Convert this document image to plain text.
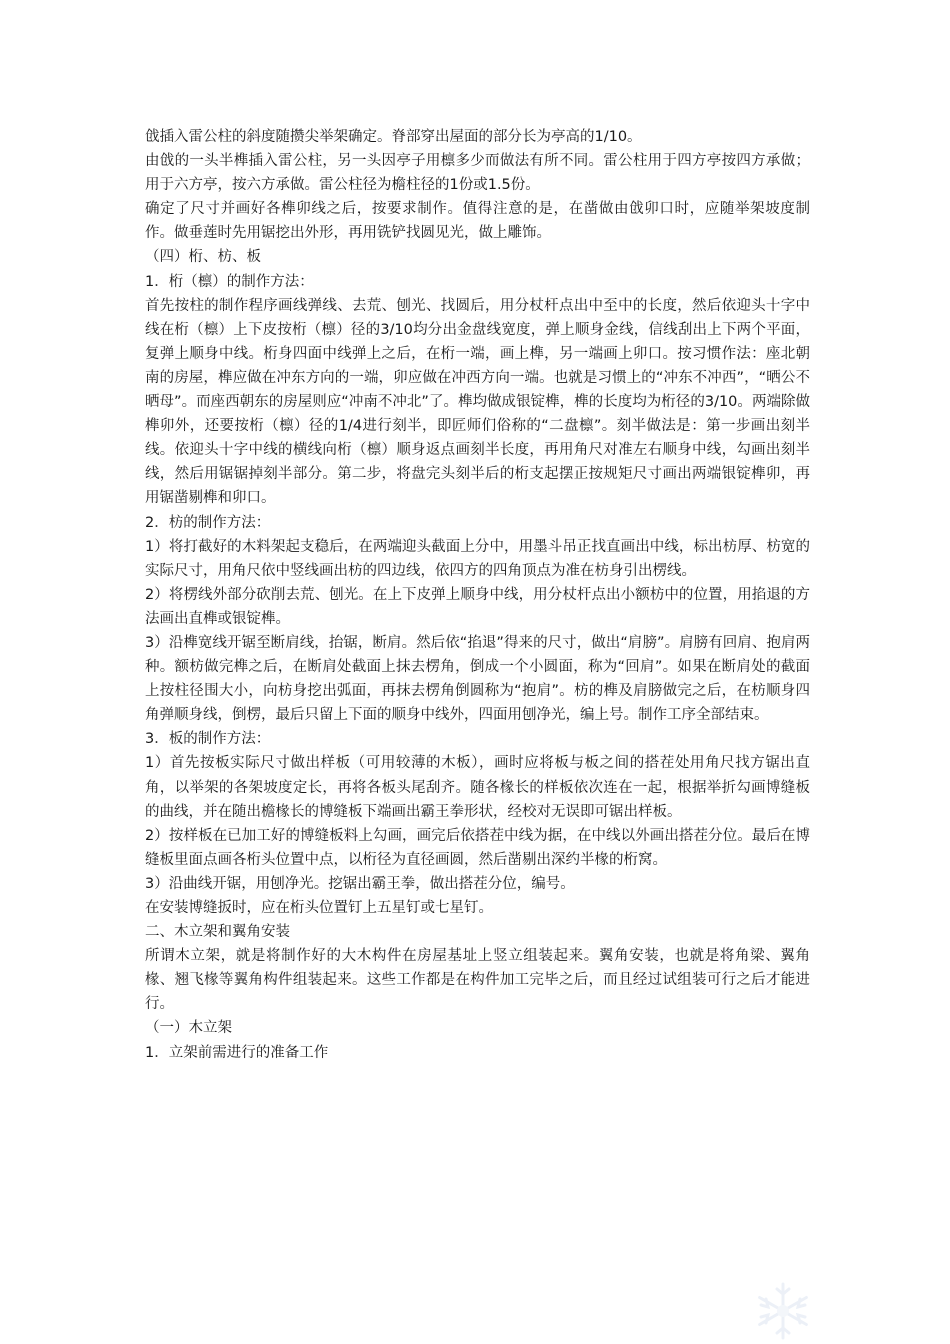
戗插入雷公柱的斜度随攒尖举架确定。脊部穿出屋面的部分长为亭高的1/10。

由戗的一头半榫插入雷公柱，另一头因亭子用檩多少而做法有所不同。雷公柱用于四方亭按四方承做；用于六方亭，按六方承做。雷公柱径为檐柱径的1份或1.5份。

确定了尺寸并画好各榫卯线之后，按要求制作。值得注意的是，在凿做由戗卯口时，应随举架坡度制作。做垂莲时先用锯挖出外形，再用铣铲找圆见光，做上雕饰。

（四）桁、枋、板

1．桁（檩）的制作方法：

首先按柱的制作程序画线弹线、去荒、刨光、找圆后，用分杖杆点出中至中的长度，然后依迎头十字中线在桁（檩）上下皮按桁（檩）径的3/10均分出金盘线宽度，弹上顺身金线，信线刮出上下两个平面，复弹上顺身中线。桁身四面中线弹上之后，在桁一端，画上榫，另一端画上卯口。按习惯作法：座北朝南的房屋，榫应做在冲东方向的一端，卯应做在冲西方向一端。也就是习惯上的“冲东不冲西”，“晒公不晒母”。而座西朝东的房屋则应“冲南不冲北”了。榫均做成银锭榫，榫的长度均为桁径的3/10。两端除做榫卯外，还要按桁（檩）径的1/4进行刻半，即匠师们俗称的“二盘檩”。刻半做法是：第一步画出刻半线。依迎头十字中线的横线向桁（檩）顺身返点画刻半长度，再用角尺对准左右顺身中线，勾画出刻半线，然后用锯锯掉刻半部分。第二步，将盘完头刻半后的桁支起摆正按规矩尺寸画出两端银锭榫卯，再用锯凿剔榫和卯口。

2．枋的制作方法：

1）将打截好的木料架起支稳后，在两端迎头截面上分中，用墨斗吊正找直画出中线，标出枋厚、枋宽的实际尺寸，用角尺依中竖线画出枋的四边线，依四方的四角顶点为准在枋身引出楞线。

2）将楞线外部分砍削去荒、刨光。在上下皮弹上顺身中线，用分杖杆点出小额枋中的位置，用掐退的方法画出直榫或银锭榫。

3）沿榫宽线开锯至断肩线，抬锯，断肩。然后依“掐退”得来的尺寸，做出“肩膀”。肩膀有回肩、抱肩两种。额枋做完榫之后，在断肩处截面上抹去楞角，倒成一个小圆面，称为“回肩”。如果在断肩处的截面上按柱径围大小，向枋身挖出弧面，再抹去楞角倒圆称为“抱肩”。枋的榫及肩膀做完之后，在枋顺身四角弹顺身线，倒楞，最后只留上下面的顺身中线外，四面用刨净光，编上号。制作工序全部结束。

3．板的制作方法：

1）首先按板实际尺寸做出样板（可用较薄的木板），画时应将板与板之间的搭茬处用角尺找方锯出直角，以举架的各架坡度定长，再将各板头尾刮齐。随各椽长的样板依次连在一起，根据举折勾画博缝板的曲线，并在随出檐椽长的博缝板下端画出霸王拳形状，经校对无误即可锯出样板。

2）按样板在已加工好的博缝板料上勾画，画完后依搭茬中线为据，在中线以外画出搭茬分位。最后在博缝板里面点画各桁头位置中点，以桁径为直径画圆，然后凿剔出深约半椽的桁窝。

3）沿曲线开锯，用刨净光。挖锯出霸王拳，做出搭茬分位，编号。

在安装博缝扳时，应在桁头位置钉上五星钉或七星钉。

二、木立架和翼角安装

所谓木立架，就是将制作好的大木构件在房屋基址上竖立组装起来。翼角安装，也就是将角梁、翼角椽、翘飞椽等翼角构件组装起来。这些工作都是在构件加工完毕之后，而且经过试组装可行之后才能进行。

（一）木立架

1．立架前需进行的准备工作
